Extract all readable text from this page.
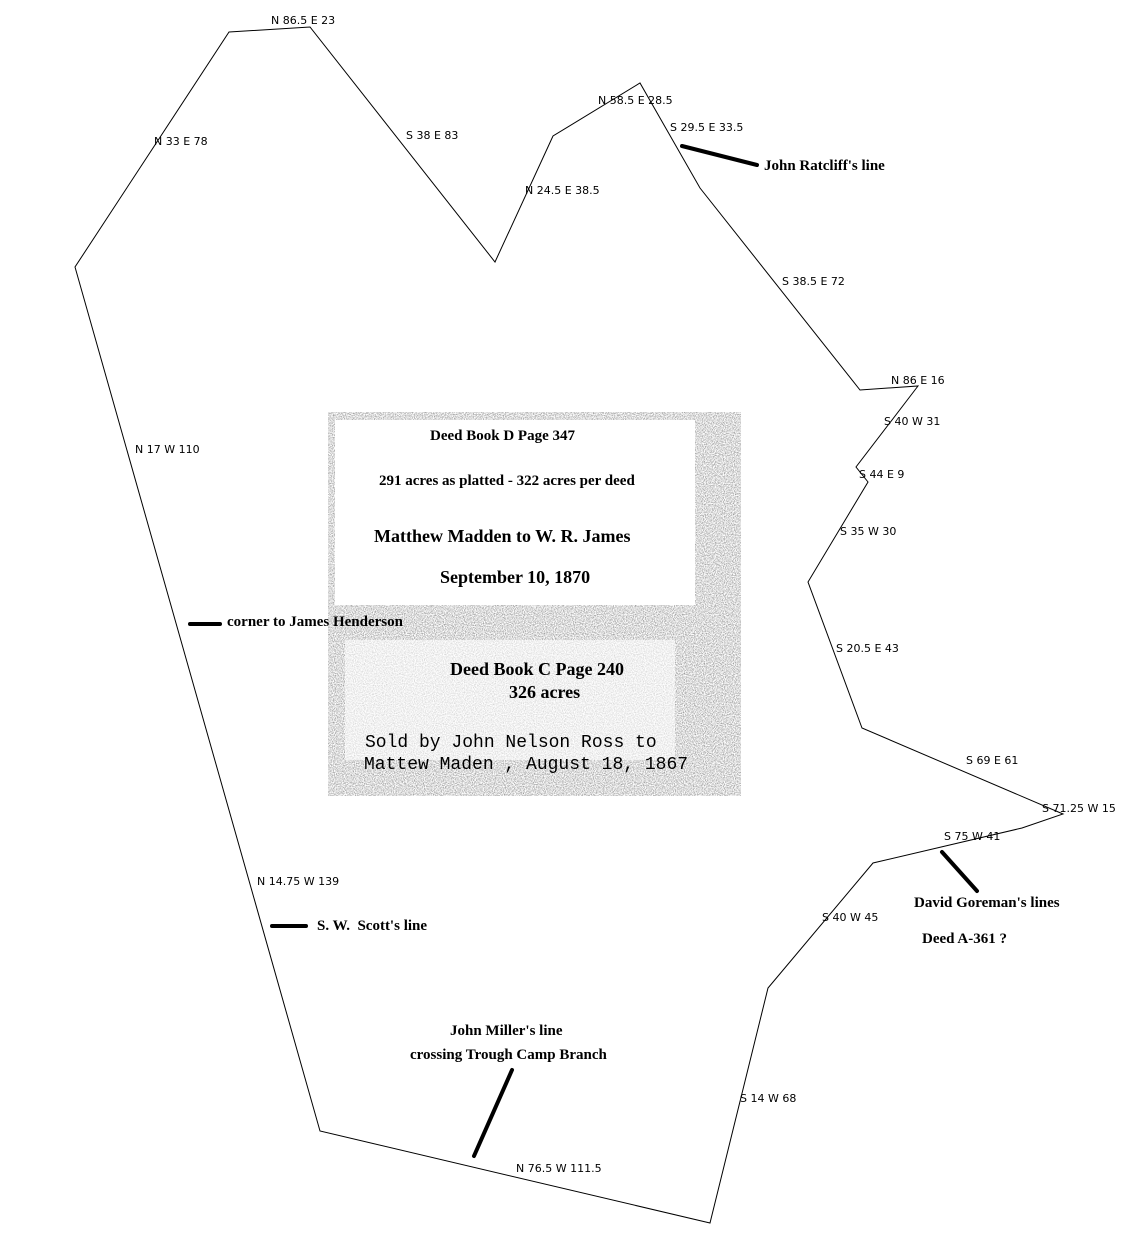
N 86.5 E 23
N 33 E 78	S 38 E 83
N 58.5 E 28.5
S 29.5 E 33.5
N 24.5 E 38.5
S 38.5 E 72
N 86 E 16
S 40 W 31
N 17 W 110
S 44 E 9
S 35 W 30
S 20.5 E 43
S 69 E 61
S 71.25 W 15
S 75 W 41
N 14.75 W 139
S 40 W 45
S 14 W 68
N 76.5 W 111.5
John Ratcliff's line
corner to James Henderson
S. W.  Scott's line
David Goreman's lines
Deed A-361 ?
John Miller's line
crossing Trough Camp Branch
Deed Book D Page 347
291 acres as platted - 322 acres per deed
Matthew Madden to W. R. James
September 10, 1870
Deed Book C Page 240
326 acres
Sold by John Nelson Ross to
Mattew Maden , August 18, 1867
